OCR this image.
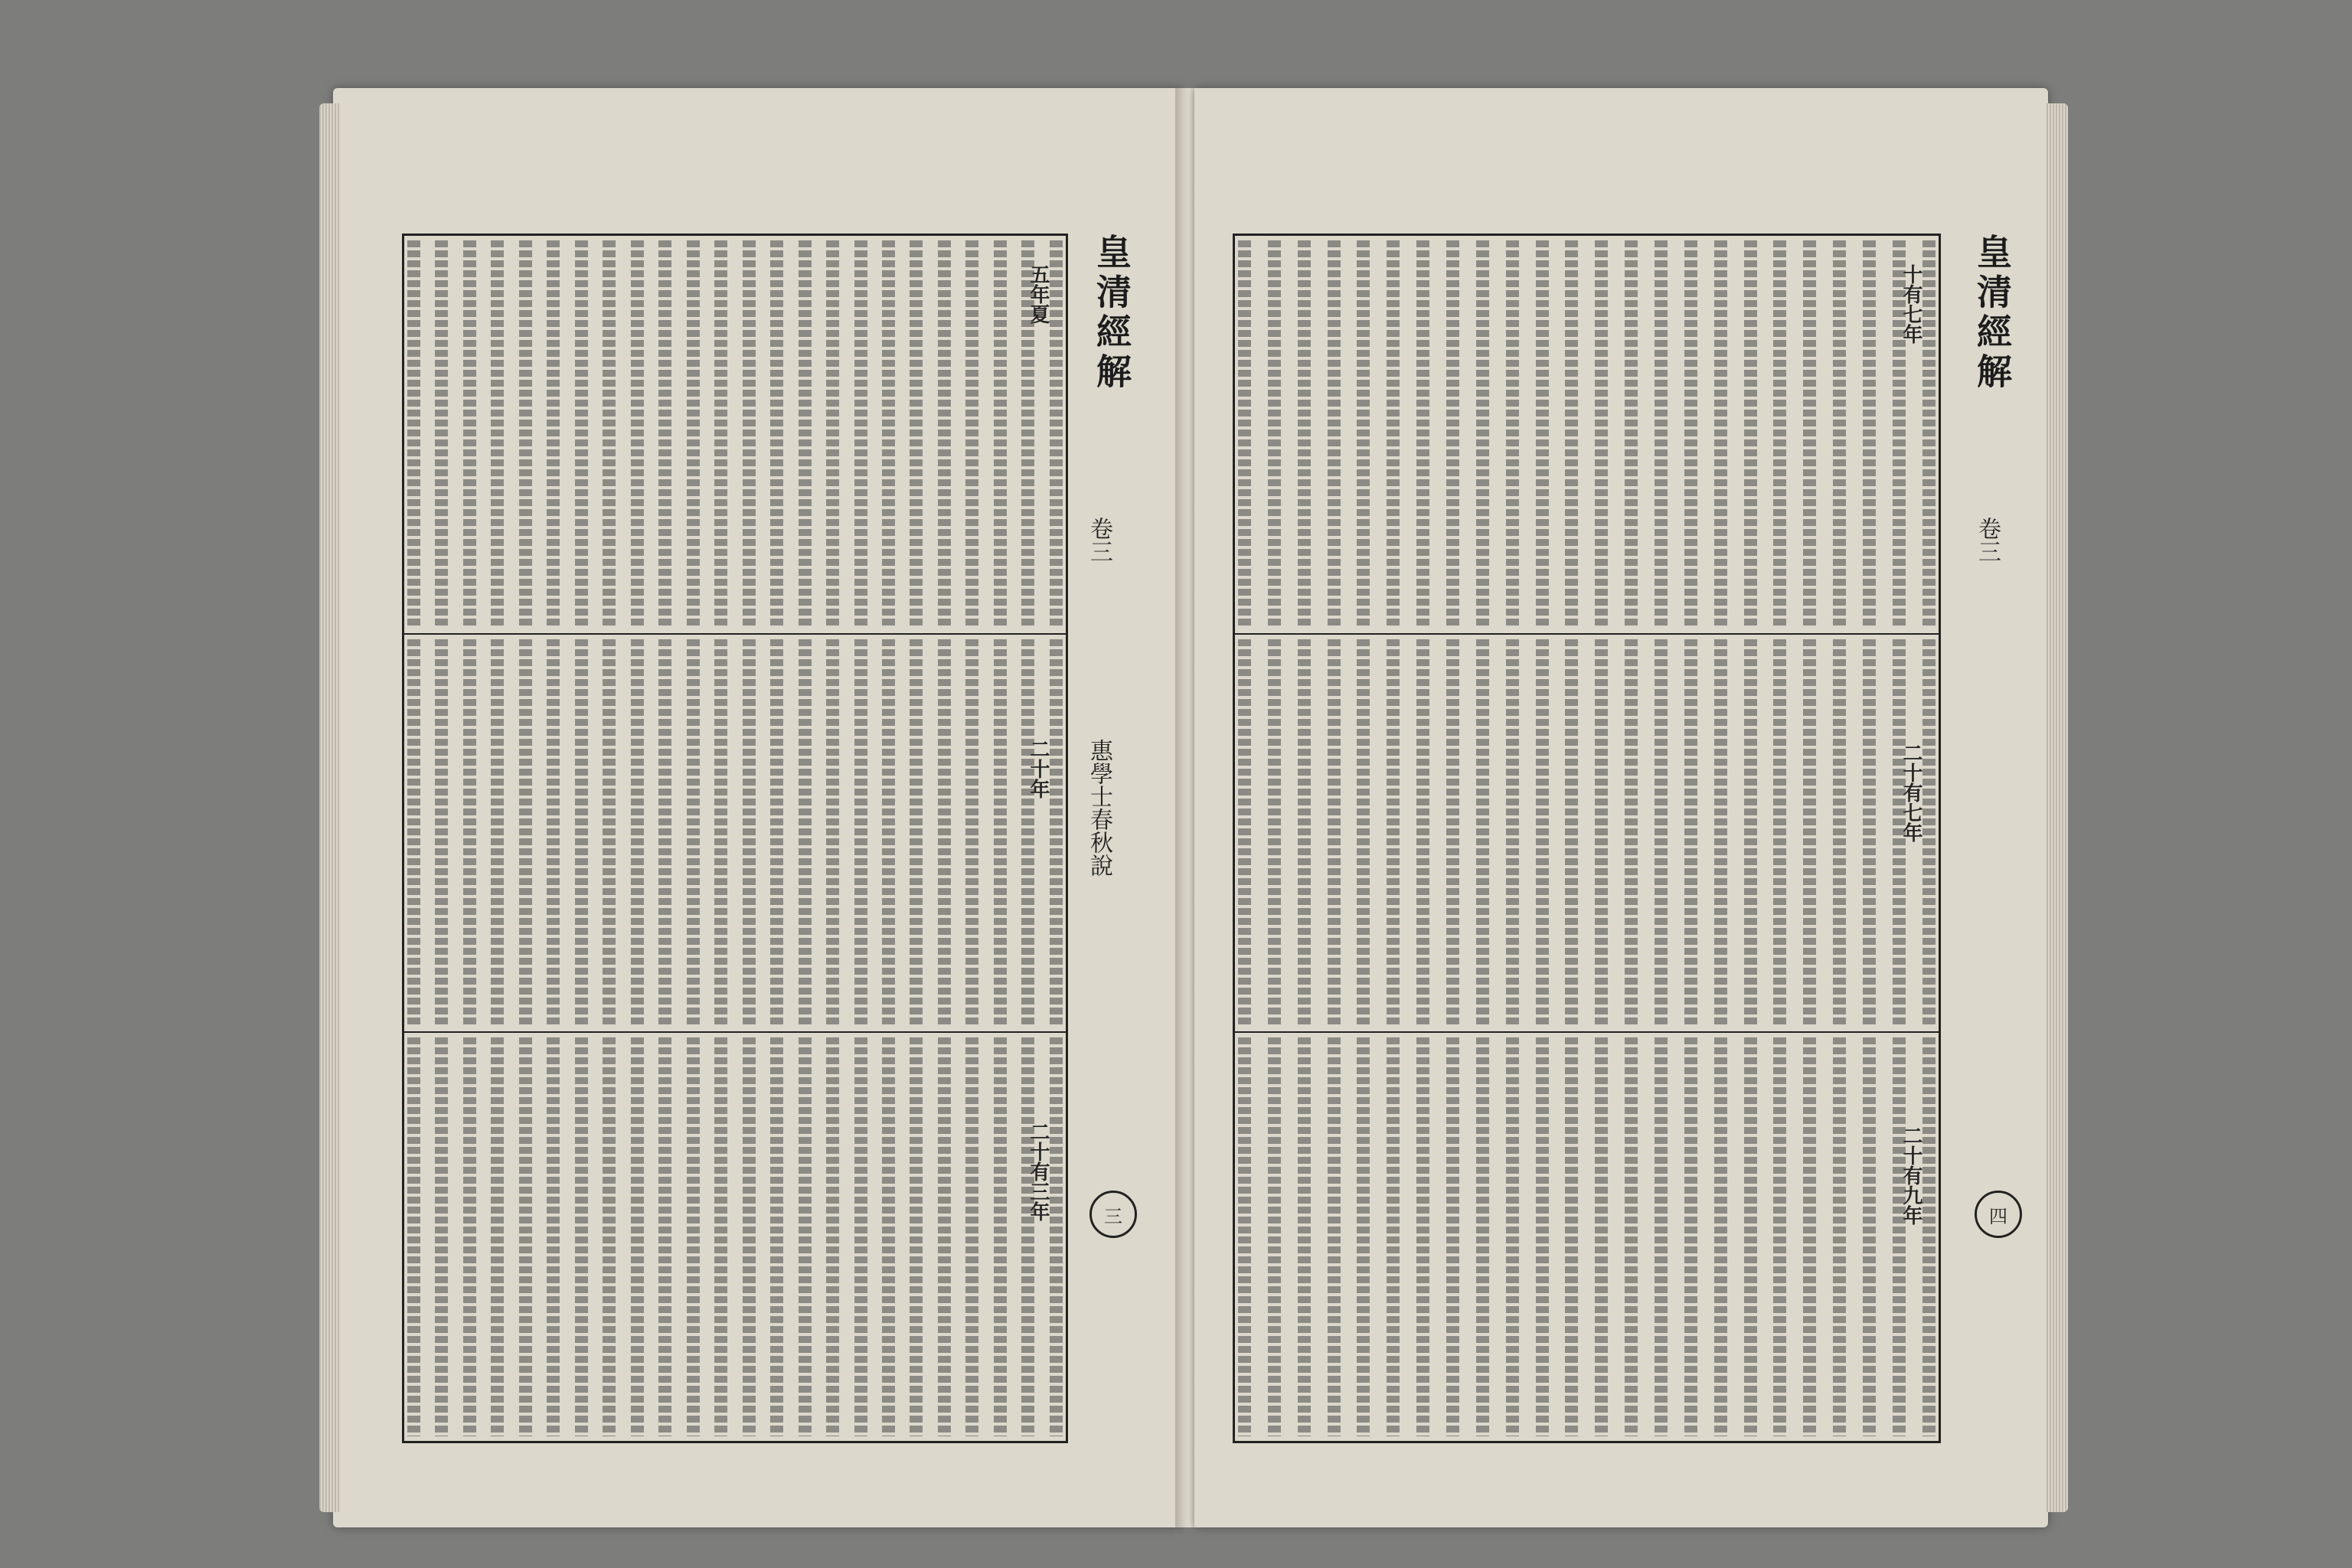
皇清經解
卷三
惠學士春秋說
三
五年夏
二十年
二十有三年
皇清經解
卷三
四
十有七年
二十有七年
二十有九年
